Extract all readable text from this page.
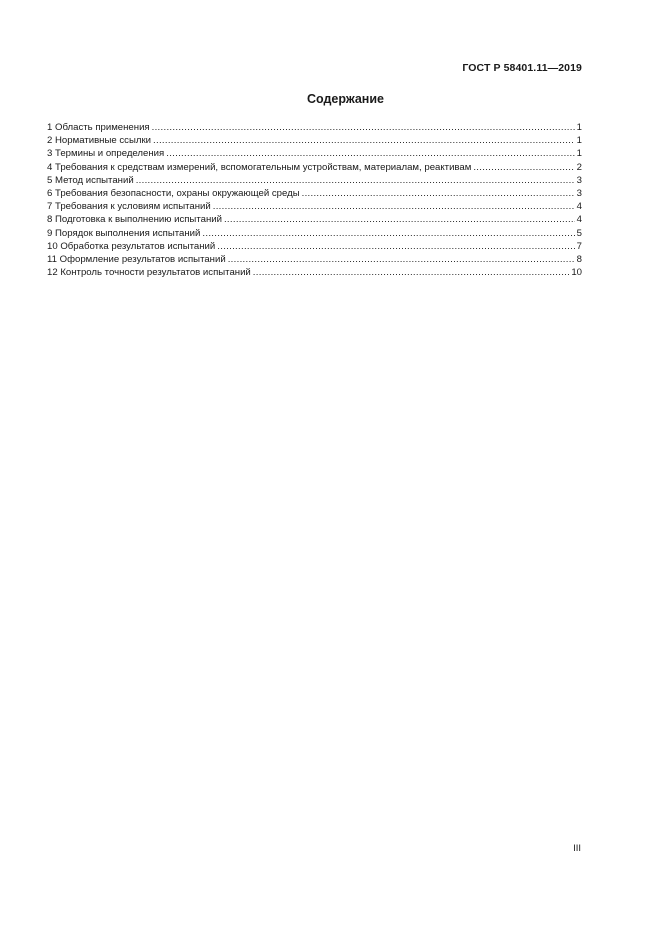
ГОСТ Р 58401.11—2019
Содержание
1 Область применения .....	1
2 Нормативные ссылки .....	1
3 Термины и определения .....	1
4 Требования к средствам измерений, вспомогательным устройствам, материалам, реактивам .....	2
5 Метод испытаний .....	3
6 Требования безопасности, охраны окружающей среды .....	3
7 Требования к условиям испытаний .....	4
8 Подготовка к выполнению испытаний .....	4
9 Порядок выполнения испытаний .....	5
10 Обработка результатов испытаний .....	7
11 Оформление результатов испытаний .....	8
12 Контроль точности результатов испытаний .....	10
III
